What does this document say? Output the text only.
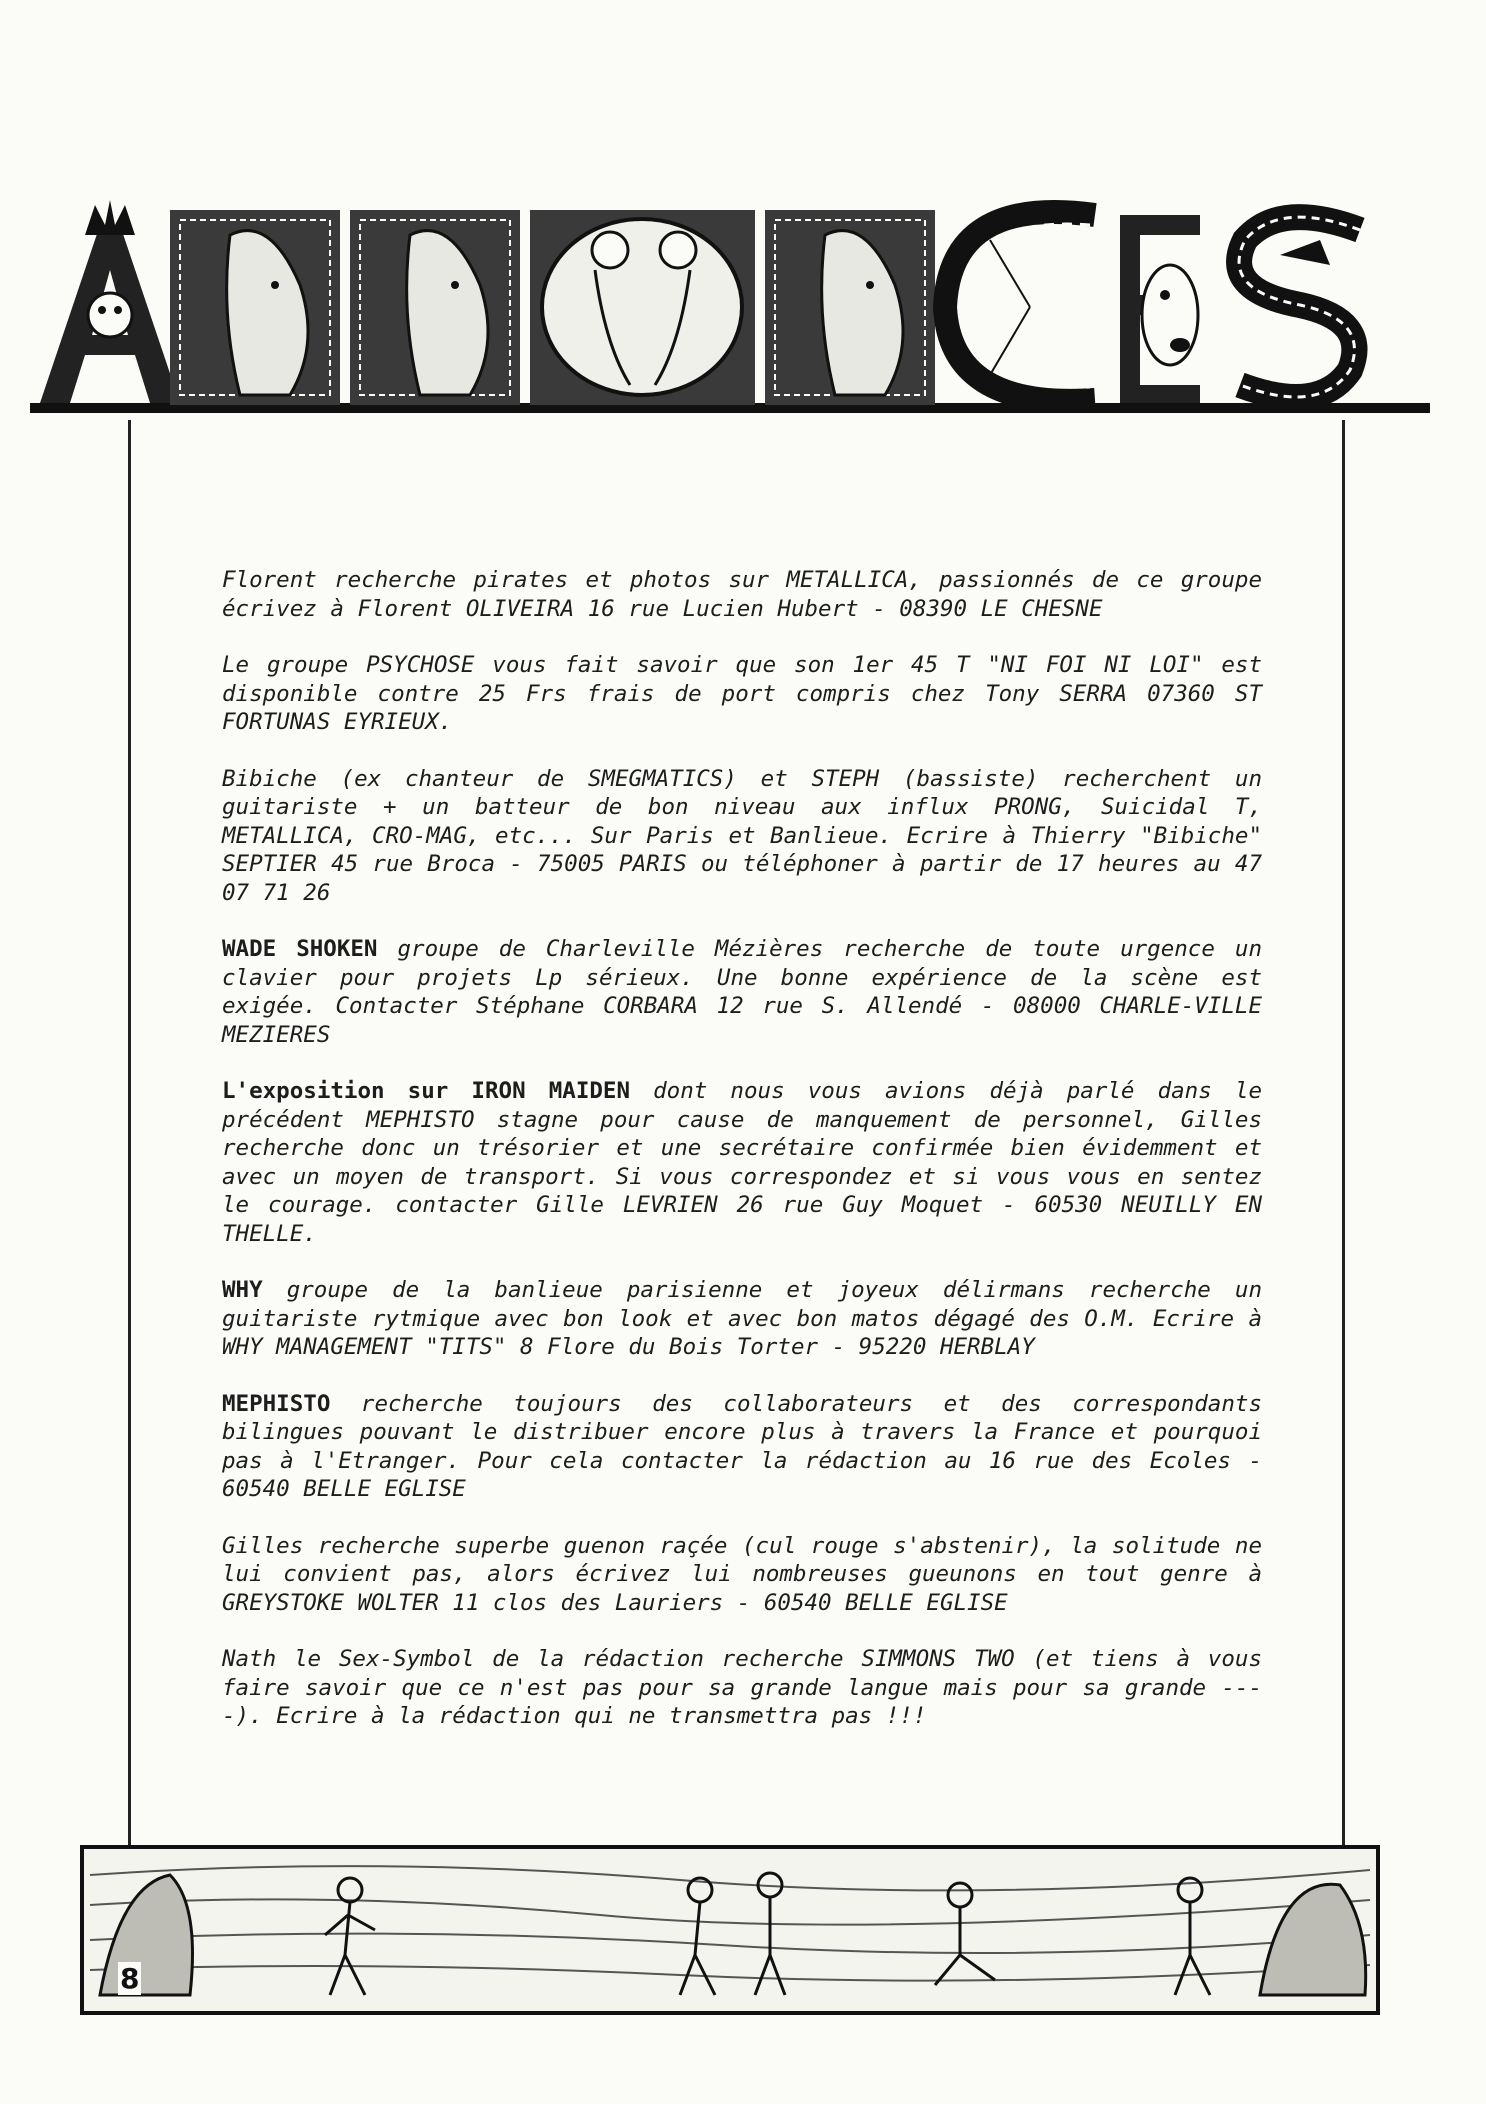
Florent recherche pirates et photos sur METALLICA, passionnés de ce groupe écrivez à Florent OLIVEIRA 16 rue Lucien Hubert - 08390 LE CHESNE

Le groupe PSYCHOSE vous fait savoir que son 1er 45 T "NI FOI NI LOI" est disponible contre 25 Frs frais de port compris chez Tony SERRA 07360 ST FORTUNAS EYRIEUX.

Bibiche (ex chanteur de SMEGMATICS) et STEPH (bassiste) recherchent un guitariste + un batteur de bon niveau aux influx PRONG, Suicidal T, METALLICA, CRO-MAG, etc... Sur Paris et Banlieue. Ecrire à Thierry "Bibiche" SEPTIER 45 rue Broca - 75005 PARIS ou téléphoner à partir de 17 heures au 47 07 71 26

WADE SHOKEN groupe de Charleville Mézières recherche de toute urgence un clavier pour projets Lp sérieux. Une bonne expérience de la scène est exigée. Contacter Stéphane CORBARA 12 rue S. Allendé - 08000 CHARLE-VILLE MEZIERES

L'exposition sur IRON MAIDEN dont nous vous avions déjà parlé dans le précédent MEPHISTO stagne pour cause de manquement de personnel, Gilles recherche donc un trésorier et une secrétaire confirmée bien évidemment et avec un moyen de transport. Si vous correspondez et si vous vous en sentez le courage. contacter Gille LEVRIEN 26 rue Guy Moquet - 60530 NEUILLY EN THELLE.

WHY groupe de la banlieue parisienne et joyeux délirmans recherche un guitariste rytmique avec bon look et avec bon matos dégagé des O.M. Ecrire à WHY MANAGEMENT "TITS" 8 Flore du Bois Torter - 95220 HERBLAY

MEPHISTO recherche toujours des collaborateurs et des correspondants bilingues pouvant le distribuer encore plus à travers la France et pourquoi pas à l'Etranger. Pour cela contacter la rédaction au 16 rue des Ecoles - 60540 BELLE EGLISE

Gilles recherche superbe guenon raçée (cul rouge s'abstenir), la solitude ne lui convient pas, alors écrivez lui nombreuses gueunons en tout genre à GREYSTOKE WOLTER 11 clos des Lauriers - 60540 BELLE EGLISE

Nath le Sex-Symbol de la rédaction recherche SIMMONS TWO (et tiens à vous faire savoir que ce n'est pas pour sa grande langue mais pour sa grande ----). Ecrire à la rédaction qui ne transmettra pas !!!

8
